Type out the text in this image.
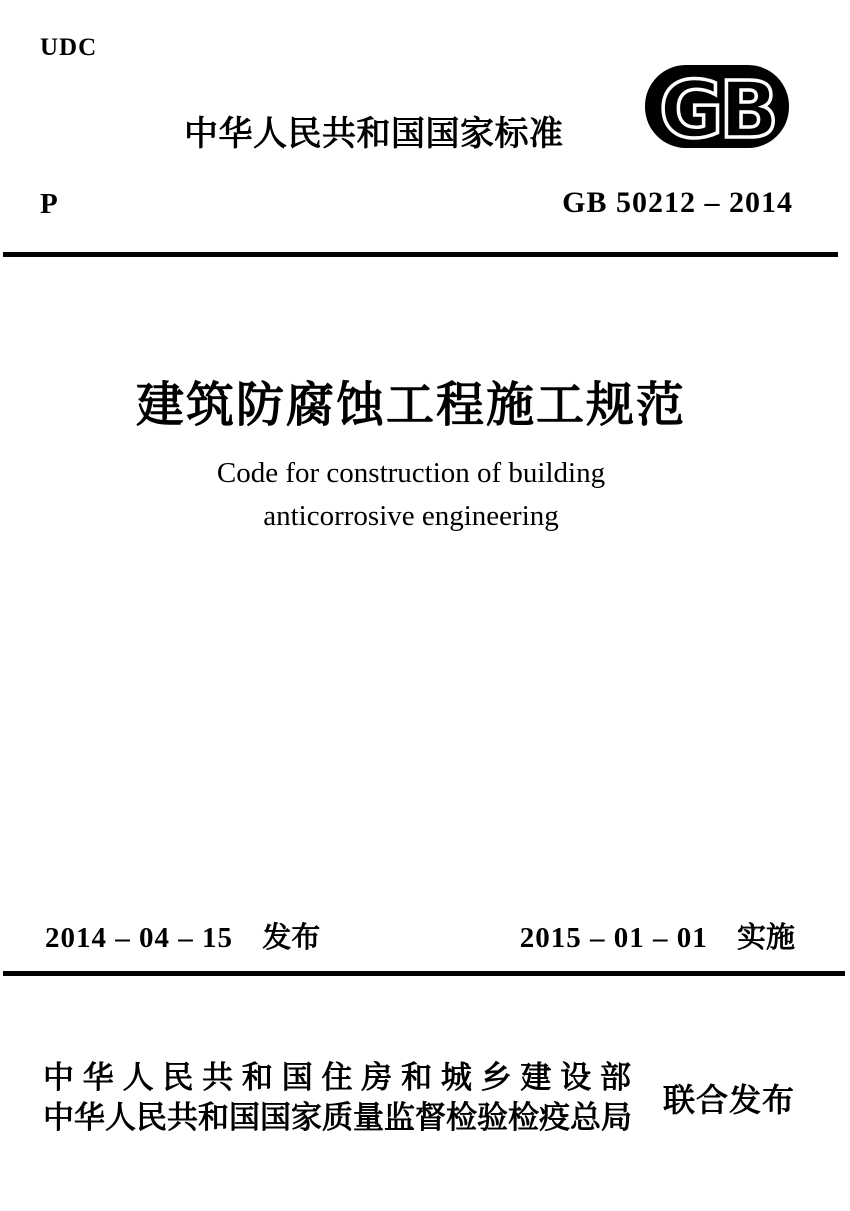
UDC
中华人民共和国国家标准 GB
P	GB 50212 – 2014
建筑防腐蚀工程施工规范
Code for construction of building
anticorrosive engineering
2014 – 04 – 15 发布	2015 – 01 – 01 实施
中华人民共和国住房和城乡建设部
中华人民共和国国家质量监督检验检疫总局 联合发布
